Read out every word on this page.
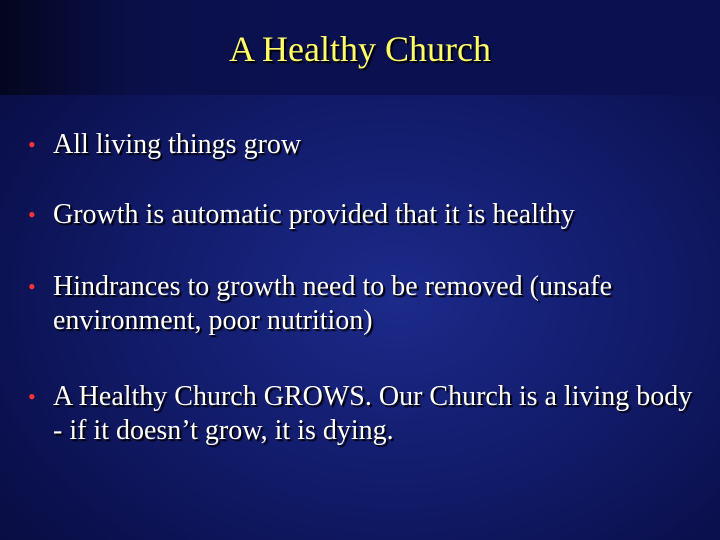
A Healthy Church
• All living things grow
• Growth is automatic provided that it is healthy
• Hindrances to growth need to be removed (unsafe environment, poor nutrition)
• A Healthy Church GROWS. Our Church is a living body - if it doesn’t grow, it is dying.
